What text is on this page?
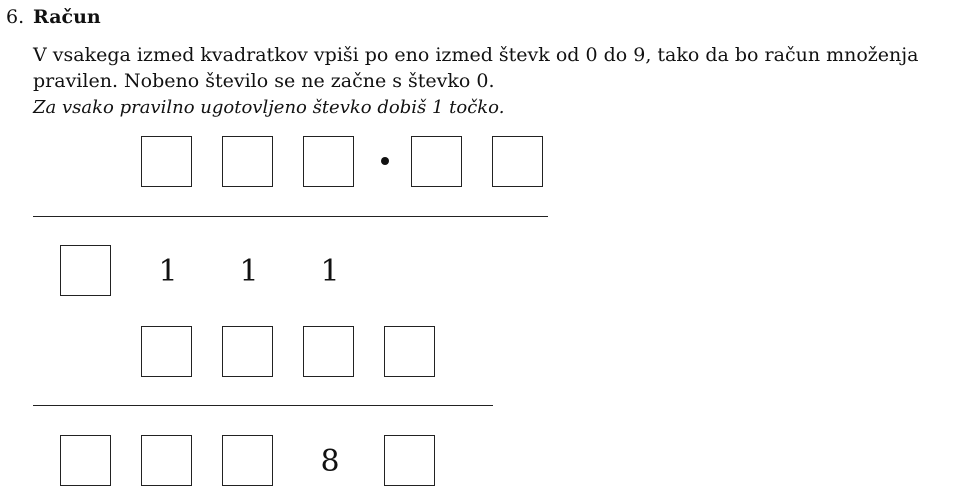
6. Račun
V vsakega izmed kvadratkov vpiši po eno izmed števk od 0 do 9, tako da bo račun množenja
pravilen. Nobeno število se ne začne s števko 0.
Za vsako pravilno ugotovljeno števko dobiš 1 točko.
1 1 1
8
